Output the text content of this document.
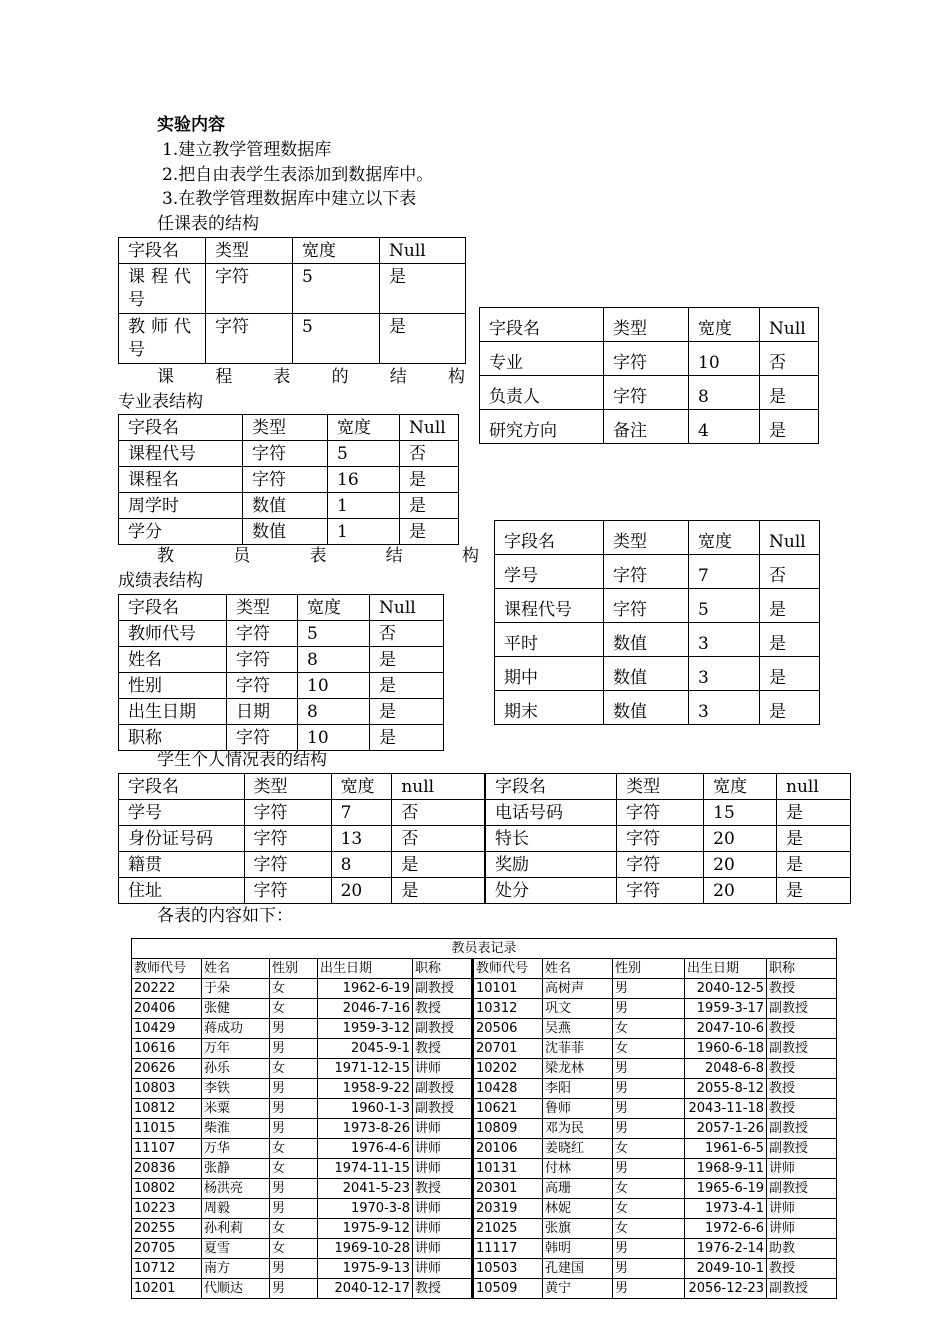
实验内容
1.建立教学管理数据库
2.把自由表学生表添加到数据库中。
3.在教学管理数据库中建立以下表
任课表的结构
字段名	类型	宽度	Null
课程代号	字符	5	是
教师代号	字符	5	是
课 程 表 的 结 构
专业表结构
字段名	类型	宽度	Null
课程代号	字符	5	否
课程名	字符	16	是
周学时	数值	1	是
学分	数值	1	是
教	员	表	结	构
成绩表结构
字段名	类型	宽度	Null
教师代号	字符	5	否
姓名	字符	8	是
性别	字符	10	是
出生日期	日期	8	是
职称	字符	10	是
字段名	类型	宽度	Null
专业	字符	10	否
负责人	字符	8	是
研究方向	备注	4	是
字段名	类型	宽度	Null
学号	字符	7	否
课程代号	字符	5	是
平时	数值	3	是
期中	数值	3	是
期末	数值	3	是
学生个人情况表的结构
字段名	类型	宽度	null	字段名	类型	宽度	null
学号	字符	7	否	电话号码	字符	15	是
身份证号码	字符	13	否	特长	字符	20	是
籍贯	字符	8	是	奖励	字符	20	是
住址	字符	20	是	处分	字符	20	是
各表的内容如下：
教员表记录									
教师代号	姓名	性别	出生日期	职称	教师代号	姓名	性别	出生日期	职称
20222	于朵	女	1962-6-19	副教授	10101	高树声	男	2040-12-5	教授
20406	张健	女	2046-7-16	教授	10312	巩文	男	1959-3-17	副教授
10429	蒋成功	男	1959-3-12	副教授	20506	吴燕	女	2047-10-6	教授
10616	万年	男	2045-9-1	教授	20701	沈菲菲	女	1960-6-18	副教授
20626	孙乐	女	1971-12-15	讲师	10202	梁龙林	男	2048-6-8	教授
10803	李铁	男	1958-9-22	副教授	10428	李阳	男	2055-8-12	教授
10812	米粟	男	1960-1-3	副教授	10621	鲁师	男	2043-11-18	教授
11015	柴淮	男	1973-8-26	讲师	10809	邓为民	男	2057-1-26	副教授
11107	万华	女	1976-4-6	讲师	20106	姜晓红	女	1961-6-5	副教授
20836	张静	女	1974-11-15	讲师	10131	付林	男	1968-9-11	讲师
10802	杨洪亮	男	2041-5-23	教授	20301	高珊	女	1965-6-19	副教授
10223	周毅	男	1970-3-8	讲师	20319	林妮	女	1973-4-1	讲师
20255	孙利莉	女	1975-9-12	讲师	21025	张旗	女	1972-6-6	讲师
20705	夏雪	女	1969-10-28	讲师	11117	韩明	男	1976-2-14	助教
10712	南方	男	1975-9-13	讲师	10503	孔建国	男	2049-10-1	教授
10201	代顺达	男	2040-12-17	教授	10509	黄宁	男	2056-12-23	副教授
